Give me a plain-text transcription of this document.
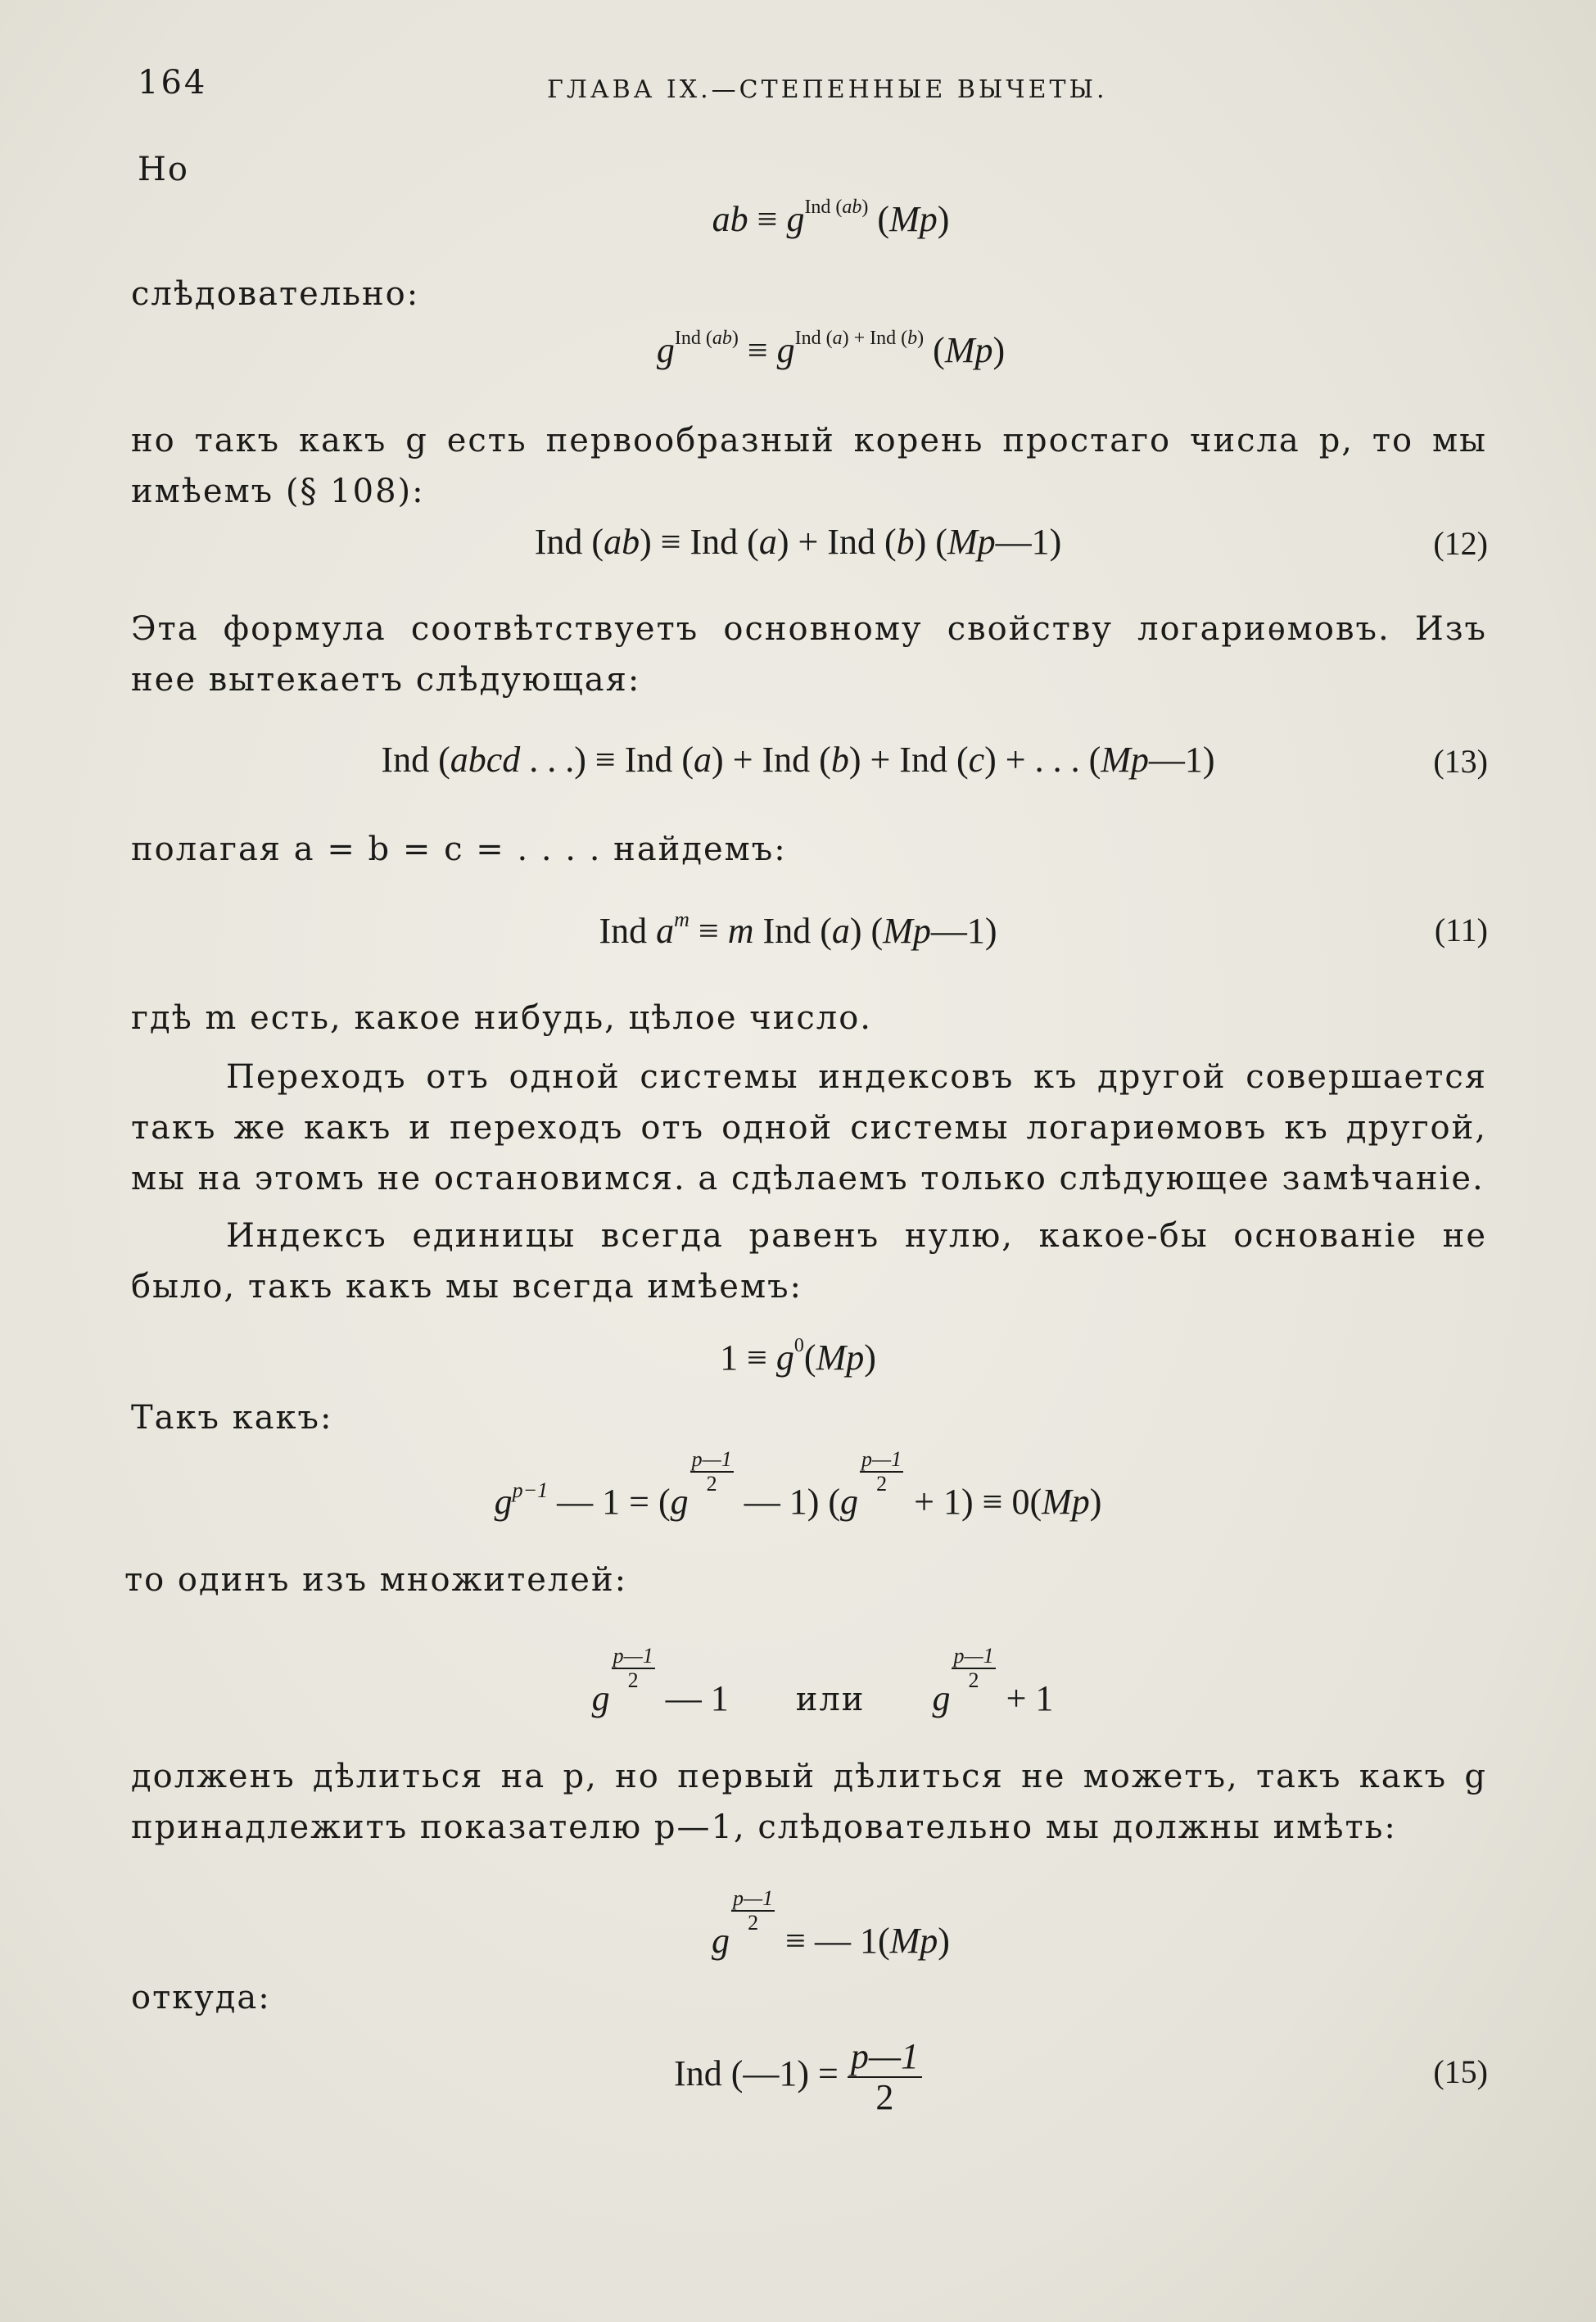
164	ГЛАВА IX.—СТЕПЕННЫЕ ВЫЧЕТЫ.
Но
ab ≡ $g^{Ind (ab)}$ (Mp)
слѣдовательно:
$g^{Ind (ab)} \equiv g^{Ind (a) + Ind (b)}$ (Mp)
но такъ какъ g есть первообразный корень простаго числа p, то мы имѣемъ (§ 108):
Ind (ab) ≡ Ind (a) + Ind (b) (Mp—1)	(12)
Эта формула соотвѣтствуетъ основному свойству логариѳмовъ. Изъ нее вытекаетъ слѣдующая:
Ind (abcd . . .) ≡ Ind (a) + Ind (b) + Ind (c) + . . . (Mp—1)	(13)
полагая a = b = c = . . . . найдемъ:
Ind $a^m \equiv m$ Ind (a) (Mp—1)	(11)
гдѣ m есть, какое нибудь, цѣлое число.
Переходъ отъ одной системы индексовъ къ другой совершается такъ же какъ и переходъ отъ одной системы логариѳмовъ къ другой, мы на этомъ не остановимся. а сдѣлаемъ только слѣдующее замѣчаніе.
Индексъ единицы всегда равенъ нулю, какое-бы основаніе не было, такъ какъ мы всегда имѣемъ:
$1 \equiv g^0(Mp)$
Такъ какъ:
$g^{p-1}$ — 1 = (g
$\frac{p—1}{2}$
— 1) (g
$\frac{p—1}{2}$
+ 1) ≡ 0(Mp)
то одинъ изъ множителей:
g
$\frac{p—1}{2}$
— 1  или g
$\frac{p—1}{2}$
+ 1
долженъ дѣлиться на p, но первый дѣлиться не можетъ, такъ какъ g принадлежитъ показателю p—1, слѣдовательно мы должны имѣть:
g
$\frac{p—1}{2}$
≡ — 1(Mp)
откуда:
Ind (—1) = $\frac{p—1}{2}$	(15)
